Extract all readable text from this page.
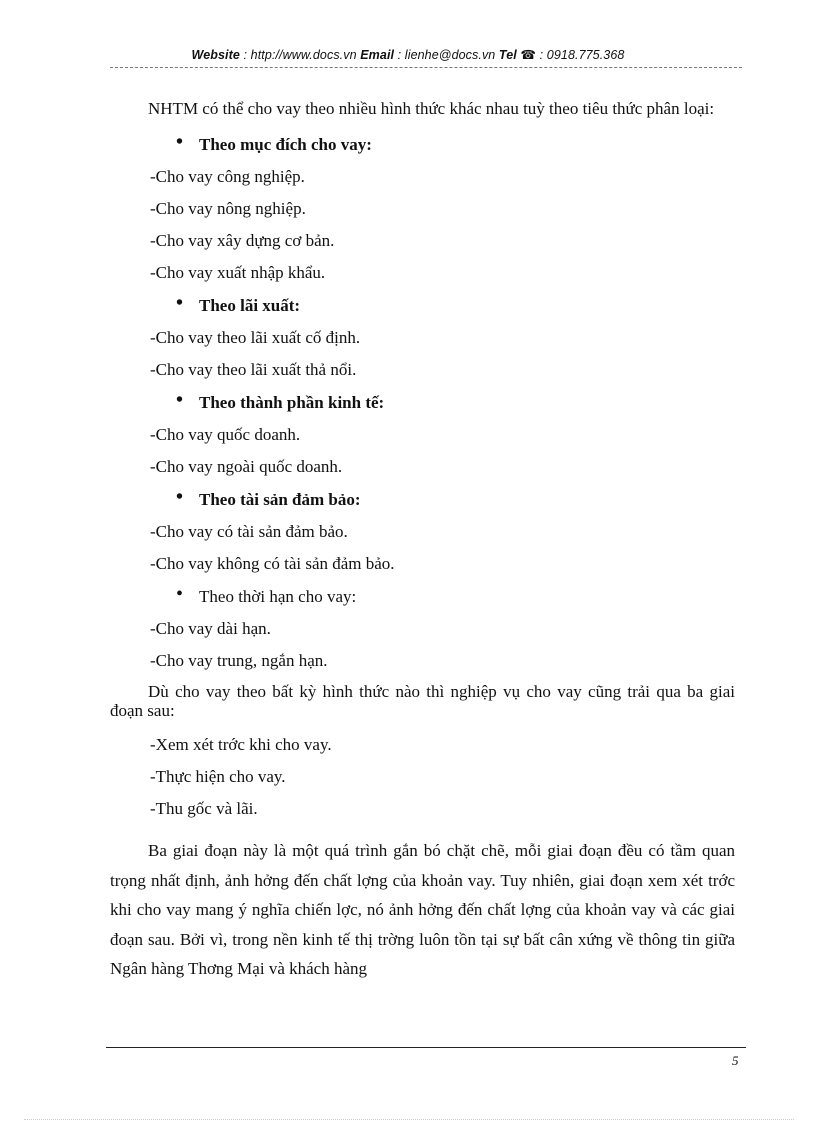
Website : http://www.docs.vn Email : lienhe@docs.vn Tel ☎ : 0918.775.368

NHTM có thể cho vay theo nhiều hình thức khác nhau tuỳ theo tiêu thức phân loại:

• Theo mục đích cho vay:
-Cho vay công nghiệp.
-Cho vay nông nghiệp.
-Cho vay xây dựng cơ bản.
-Cho vay xuất nhập khẩu.
• Theo lãi xuất:
-Cho vay theo lãi xuất cố định.
-Cho vay theo lãi xuất thả nổi.
• Theo thành phần kinh tế:
-Cho vay quốc doanh.
-Cho vay ngoài quốc doanh.
• Theo tài sản đảm bảo:
-Cho vay có tài sản đảm bảo.
-Cho vay không có tài sản đảm bảo.
• Theo thời hạn cho vay:
-Cho vay dài hạn.
-Cho vay trung, ngắn hạn.

Dù cho vay theo bất kỳ hình thức nào thì nghiệp vụ cho vay cũng trải qua ba giai đoạn sau:

-Xem xét trớc khi cho vay.
-Thực hiện cho vay.
-Thu gốc và lãi.

Ba giai đoạn này là một quá trình gắn bó chặt chẽ, mỗi giai đoạn đều có tầm quan trọng nhất định, ảnh hởng đến chất lợng của khoản vay. Tuy nhiên, giai đoạn xem xét trớc khi cho vay mang ý nghĩa chiến lợc, nó ảnh hởng đến chất lợng của khoản vay và các giai đoạn sau. Bởi vì, trong nền kinh tế thị trờng luôn tồn tại sự bất cân xứng về thông tin giữa Ngân hàng Thơng Mại và khách hàng

5
